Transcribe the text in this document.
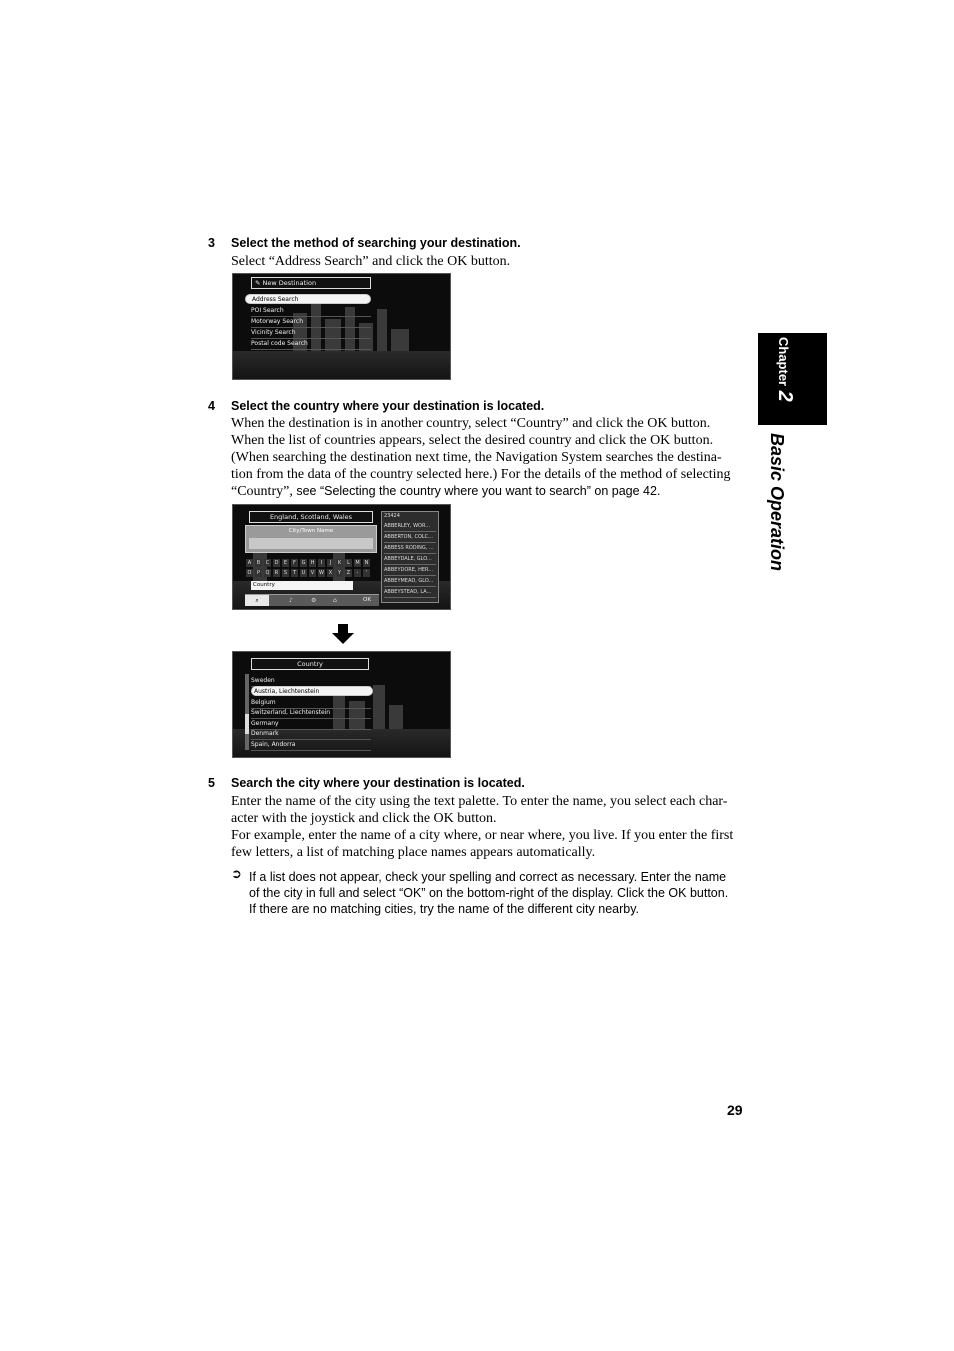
3 Select the method of searching your destination.
Select “Address Search” and click the OK button.
✎ New Destination
Address Search
POI Search
Motorway Search
Vicinity Search
Postal code Search
4 Select the country where your destination is located.
When the destination is in another country, select “Country” and click the OK button.
When the list of countries appears, select the desired country and click the OK button.
(When searching the destination next time, the Navigation System searches the destina-
tion from the data of the country selected here.) For the details of the method of selecting
“Country”, see “Selecting the country where you want to search” on page 42.
England, Scotland, Wales
City/Town Name
A	B	C	D	E	F	G	H	I	J	K	L	M N
O	P	Q	R	S	T	U	V W X	Y	Z	-	'
Country
⌕	♪	⚙	⌂	OK
23424
ABBERLEY, WOR...
ABBERTON, COLC...
ABBESS RODING, ...
ABBEYDALE, GLO...
ABBEYDORE, HER...
ABBEYMEAD, GLO...
ABBEYSTEAD, LA...
Country
Sweden
Austria, Liechtenstein
Belgium
Switzerland, Liechtenstein
Germany
Denmark
Spain, Andorra
5 Search the city where your destination is located.
Enter the name of the city using the text palette. To enter the name, you select each char-
acter with the joystick and click the OK button.
For example, enter the name of a city where, or near where, you live. If you enter the first
few letters, a list of matching place names appears automatically.
➲ If a list does not appear, check your spelling and correct as necessary. Enter the name
of the city in full and select “OK” on the bottom-right of the display. Click the OK button.
If there are no matching cities, try the name of the different city nearby.
Chapter 2
Basic Operation
29
